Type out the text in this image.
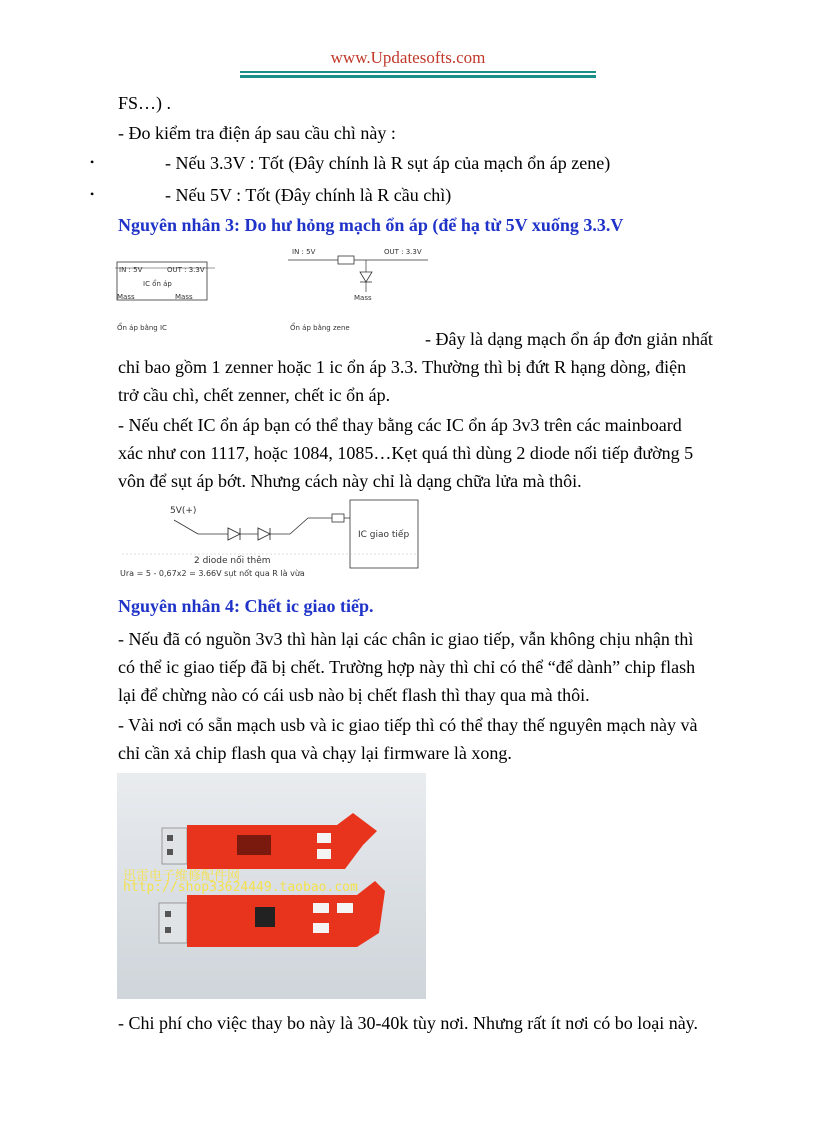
www.Updatesofts.com
FS…) .
- Đo kiểm tra điện áp sau cầu chì này :
•	- Nếu 3.3V : Tốt (Đây chính là R sụt áp của mạch ổn áp zene)
•	- Nếu 5V : Tốt (Đây chính là R cầu chì)
Nguyên nhân 3: Do hư hỏng mạch ổn áp (để hạ từ 5V xuống 3.3.V
IN : 5V	OUT : 3.3V
IC ổn áp
Mass	Mass
Ổn áp bằng IC
IN : 5V	OUT : 3.3V
Mass
Ổn áp bằng zene
- Đây là dạng mạch ổn áp đơn giản nhất
chỉ bao gồm 1 zenner hoặc 1 ic ổn áp 3.3. Thường thì bị đứt R hạng dòng, điện
trở cầu chì, chết zenner, chết ic ổn áp.
- Nếu chết IC ổn áp bạn có thể thay bằng các IC ổn áp 3v3 trên các mainboard
xác như con 1117, hoặc 1084, 1085…Kẹt quá thì dùng 2 diode nối tiếp đường 5
vôn để sụt áp bớt. Nhưng cách này chỉ là dạng chữa lửa mà thôi.
5V(+)
IC giao tiếp
2 diode nối thêm
Ura = 5 - 0,67x2 = 3.66V sụt nốt qua R là vừa
Nguyên nhân 4: Chết ic giao tiếp.
- Nếu đã có nguồn 3v3 thì hàn lại các chân ic giao tiếp, vẫn không chịu nhận thì
có thể ic giao tiếp đã bị chết. Trường hợp này thì chỉ có thể “để dành” chip flash
lại để chừng nào có cái usb nào bị chết flash thì thay qua mà thôi.
- Vài nơi có sẵn mạch usb và ic giao tiếp thì có thể thay thế nguyên mạch này và
chỉ cần xả chip flash qua và chạy lại firmware là xong.
迅雷电子维修配件网
http://shop33624449.taobao.com
- Chi phí cho việc thay bo này là 30-40k tùy nơi. Nhưng rất ít nơi có bo loại này.
